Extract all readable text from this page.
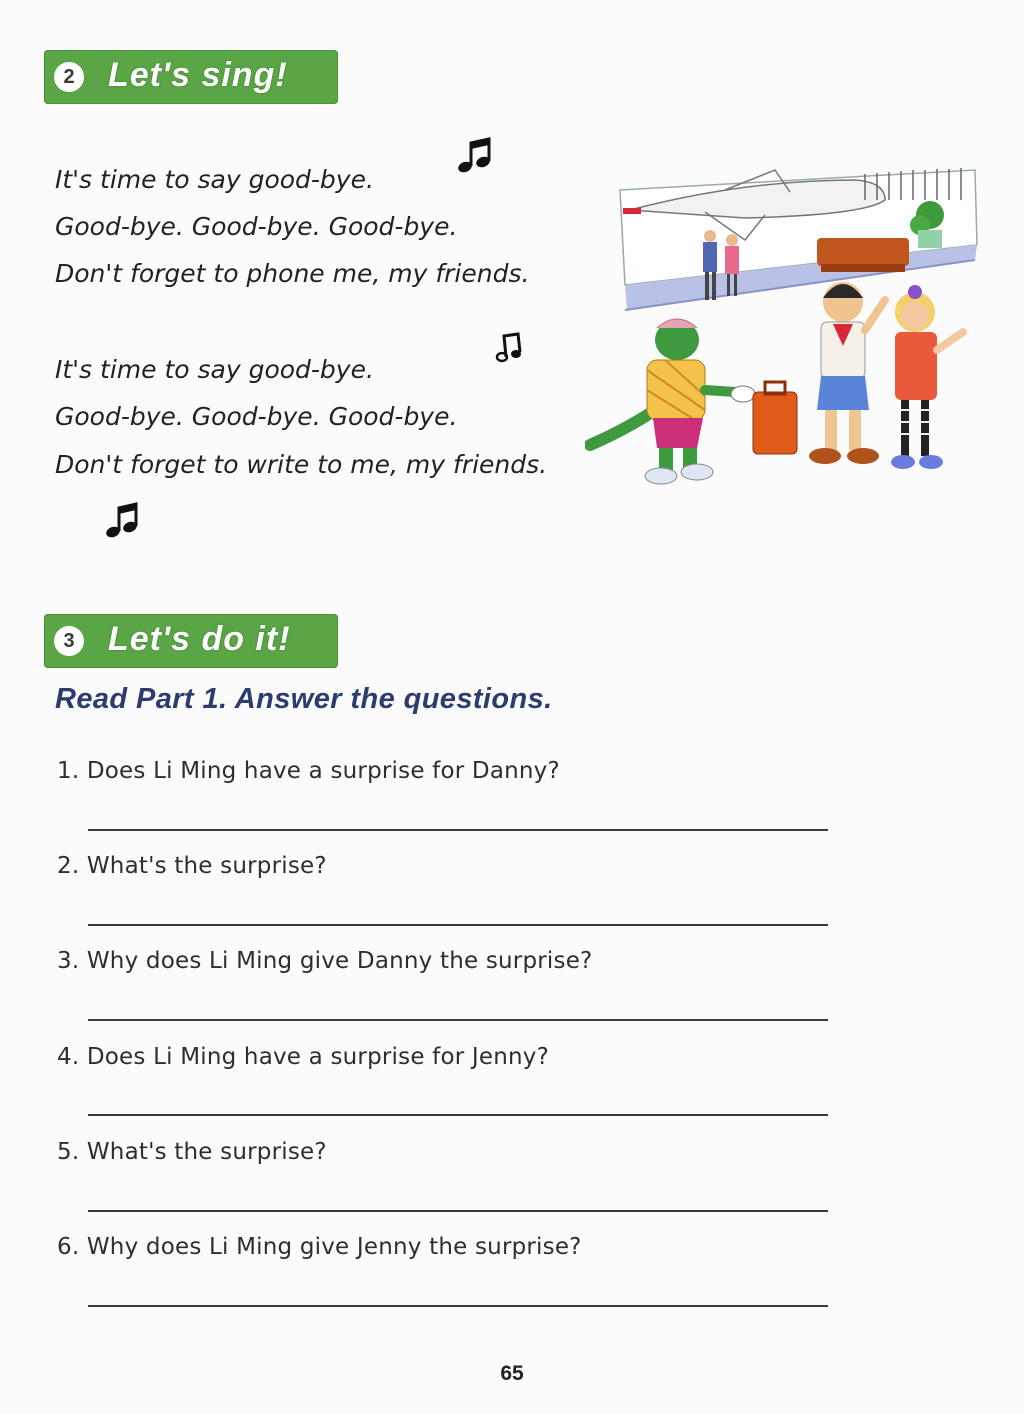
2 Let's sing!
It's time to say good-bye.
Good-bye. Good-bye. Good-bye.
Don't forget to phone me, my friends.
It's time to say good-bye.
Good-bye. Good-bye. Good-bye.
Don't forget to write to me, my friends.
3 Let's do it!
Read Part 1. Answer the questions.
1. Does Li Ming have a surprise for Danny?
2. What's the surprise?
3. Why does Li Ming give Danny the surprise?
4. Does Li Ming have a surprise for Jenny?
5. What's the surprise?
6. Why does Li Ming give Jenny the surprise?
65
